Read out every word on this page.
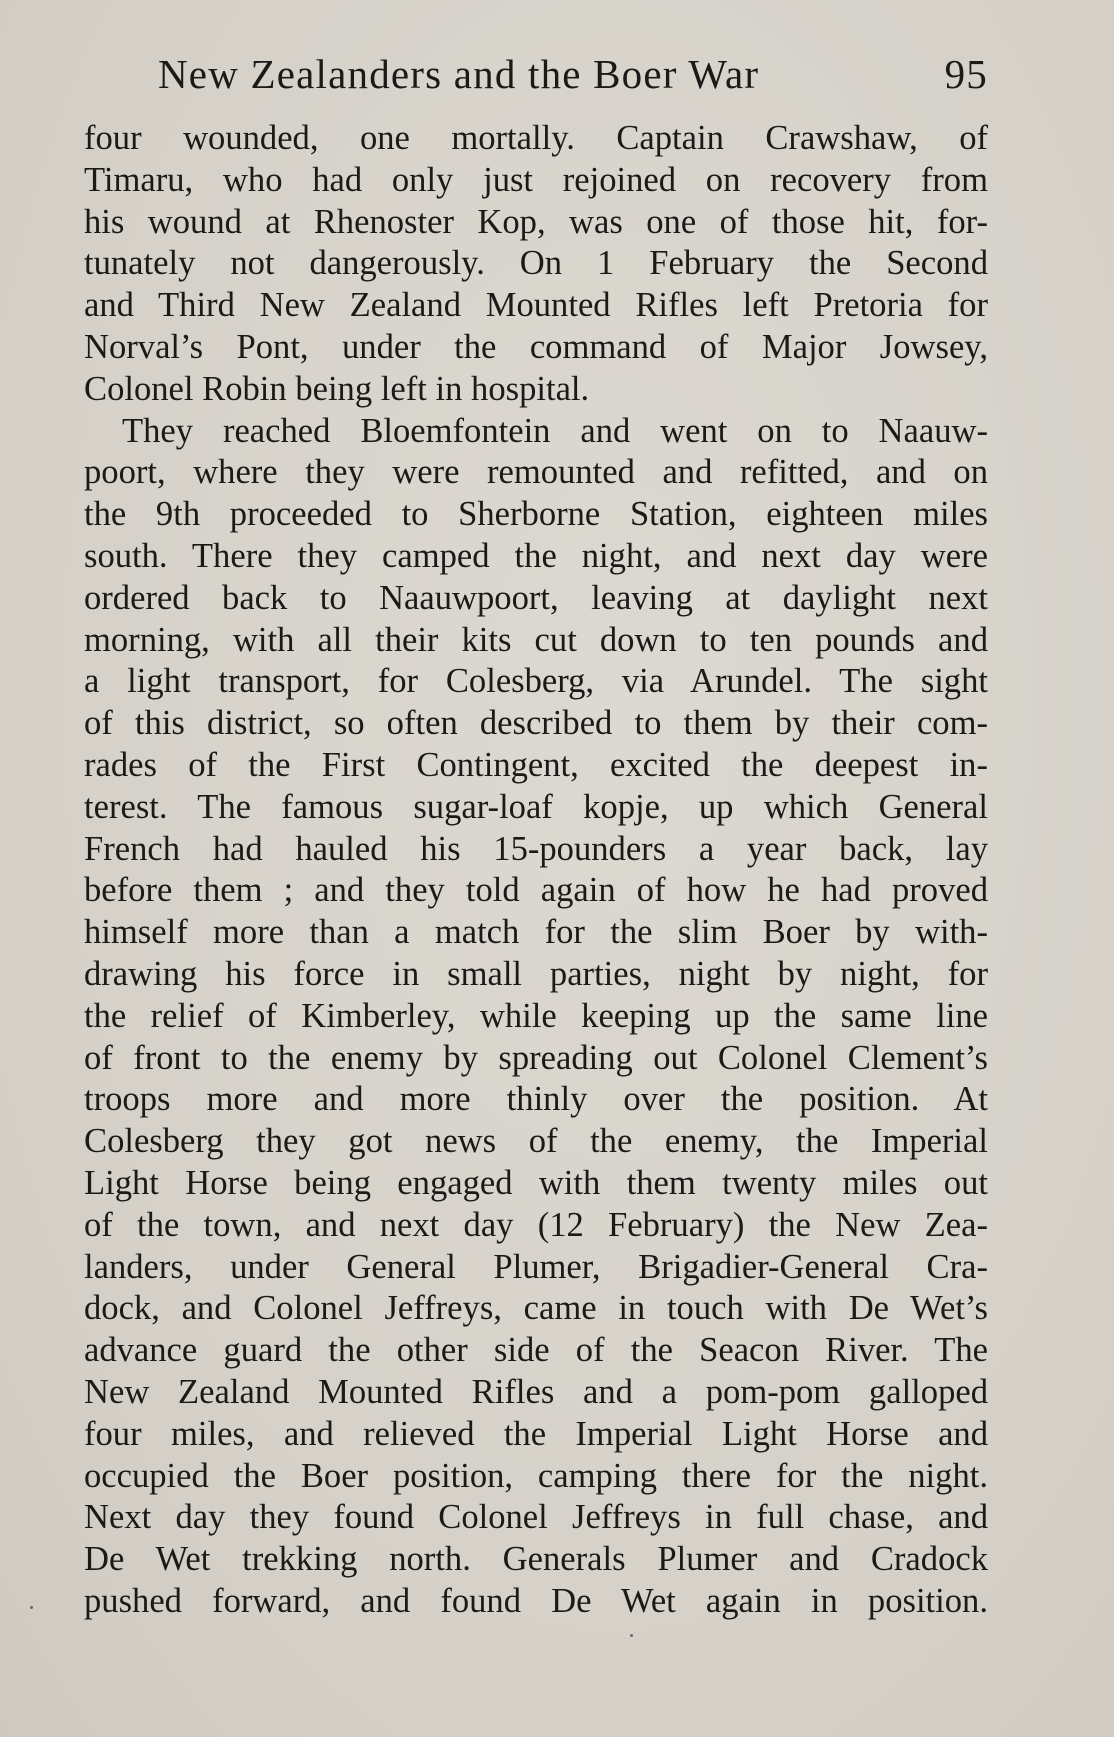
New Zealanders and the Boer War	95
four wounded, one mortally. Captain Crawshaw, of
Timaru, who had only just rejoined on recovery from
his wound at Rhenoster Kop, was one of those hit, for-
tunately not dangerously. On 1 February the Second
and Third New Zealand Mounted Rifles left Pretoria for
Norval’s Pont, under the command of Major Jowsey,
Colonel Robin being left in hospital.
They reached Bloemfontein and went on to Naauw-
poort, where they were remounted and refitted, and on
the 9th proceeded to Sherborne Station, eighteen miles
south. There they camped the night, and next day were
ordered back to Naauwpoort, leaving at daylight next
morning, with all their kits cut down to ten pounds and
a light transport, for Colesberg, via Arundel. The sight
of this district, so often described to them by their com-
rades of the First Contingent, excited the deepest in-
terest. The famous sugar-loaf kopje, up which General
French had hauled his 15-pounders a year back, lay
before them ; and they told again of how he had proved
himself more than a match for the slim Boer by with-
drawing his force in small parties, night by night, for
the relief of Kimberley, while keeping up the same line
of front to the enemy by spreading out Colonel Clement’s
troops more and more thinly over the position. At
Colesberg they got news of the enemy, the Imperial
Light Horse being engaged with them twenty miles out
of the town, and next day (12 February) the New Zea-
landers, under General Plumer, Brigadier-General Cra-
dock, and Colonel Jeffreys, came in touch with De Wet’s
advance guard the other side of the Seacon River. The
New Zealand Mounted Rifles and a pom-pom galloped
four miles, and relieved the Imperial Light Horse and
occupied the Boer position, camping there for the night.
Next day they found Colonel Jeffreys in full chase, and
De Wet trekking north. Generals Plumer and Cradock
pushed forward, and found De Wet again in position.
